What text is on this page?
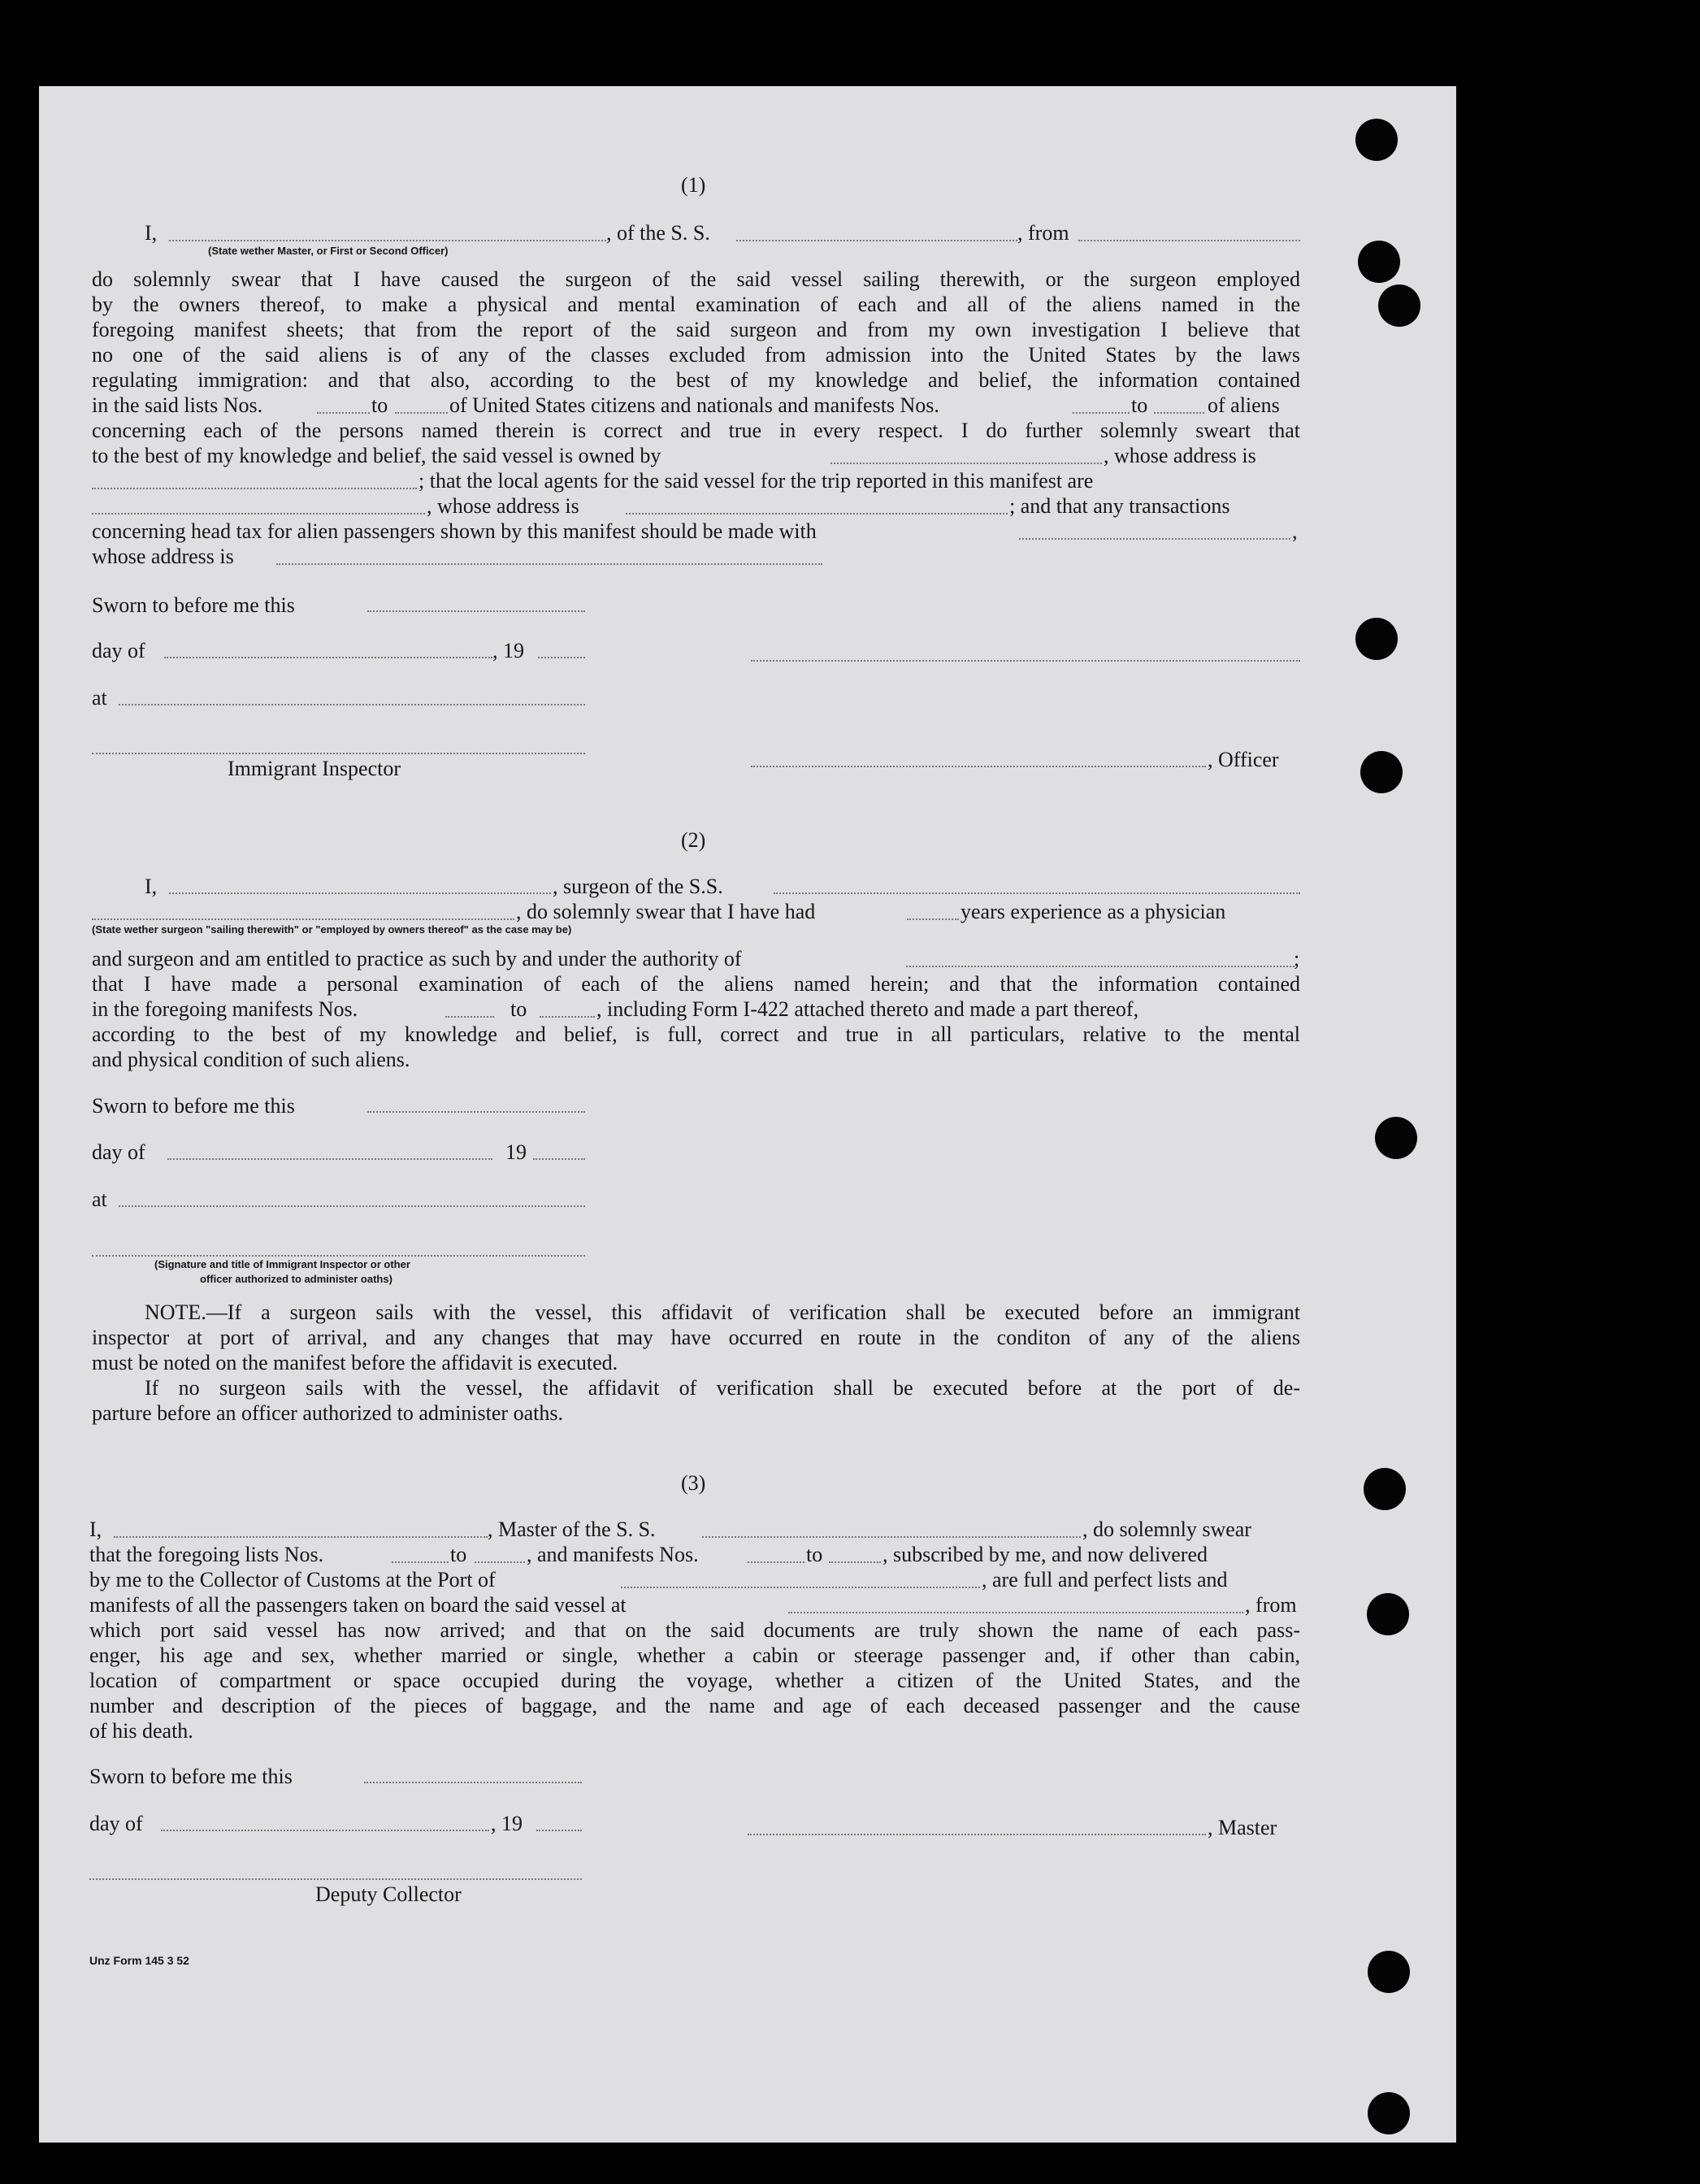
(1)
I,	, of the S. S.	, from
(State wether Master, or First or Second Officer)
do solemnly swear that I have caused the surgeon of the said vessel sailing therewith, or the surgeon employed
by the owners thereof, to make a physical and mental examination of each and all of the aliens named in the
foregoing manifest sheets; that from the report of the said surgeon and from my own investigation I believe that
no one of the said aliens is of any of the classes excluded from admission into the United States by the laws
regulating immigration: and that also, according to the best of my knowledge and belief, the information contained
in the said lists Nos.	to	of United States citizens and nationals and manifests Nos.	to	of aliens
concerning each of the persons named therein is correct and true in every respect. I do further solemnly sweart that
to the best of my knowledge and belief, the said vessel is owned by	, whose address is
; that the local agents for the said vessel for the trip reported in this manifest are
, whose address is	; and that any transactions
concerning head tax for alien passengers shown by this manifest should be made with	,
whose address is
Sworn to before me this
day of	, 19
at
Immigrant Inspector	, Officer
(2)
I,	, surgeon of the S.S.
, do solemnly swear that I have had	years experience as a physician
(State wether surgeon "sailing therewith" or "employed by owners thereof" as the case may be)
and surgeon and am entitled to practice as such by and under the authority of	;
that I have made a personal examination of each of the aliens named herein; and that the information contained
in the foregoing manifests Nos.	to	, including Form I-422 attached thereto and made a part thereof,
according to the best of my knowledge and belief, is full, correct and true in all particulars, relative to the mental
and physical condition of such aliens.
Sworn to before me this
day of	19
at
(Signature and title of Immigrant Inspector or other
officer authorized to administer oaths)
NOTE.—If a surgeon sails with the vessel, this affidavit of verification shall be executed before an immigrant
inspector at port of arrival, and any changes that may have occurred en route in the conditon of any of the aliens
must be noted on the manifest before the affidavit is executed.
If no surgeon sails with the vessel, the affidavit of verification shall be executed before at the port of de-
parture before an officer authorized to administer oaths.
(3)
I,	, Master of the S. S.	, do solemnly swear
that the foregoing lists Nos.	to	, and manifests Nos.	to	, subscribed by me, and now delivered
by me to the Collector of Customs at the Port of	, are full and perfect lists and
manifests of all the passengers taken on board the said vessel at	, from
which port said vessel has now arrived; and that on the said documents are truly shown the name of each pass-
enger, his age and sex, whether married or single, whether a cabin or steerage passenger and, if other than cabin,
location of compartment or space occupied during the voyage, whether a citizen of the United States, and the
number and description of the pieces of baggage, and the name and age of each deceased passenger and the cause
of his death.
Sworn to before me this
day of	, 19	, Master
Deputy Collector
Unz Form 145 3 52
